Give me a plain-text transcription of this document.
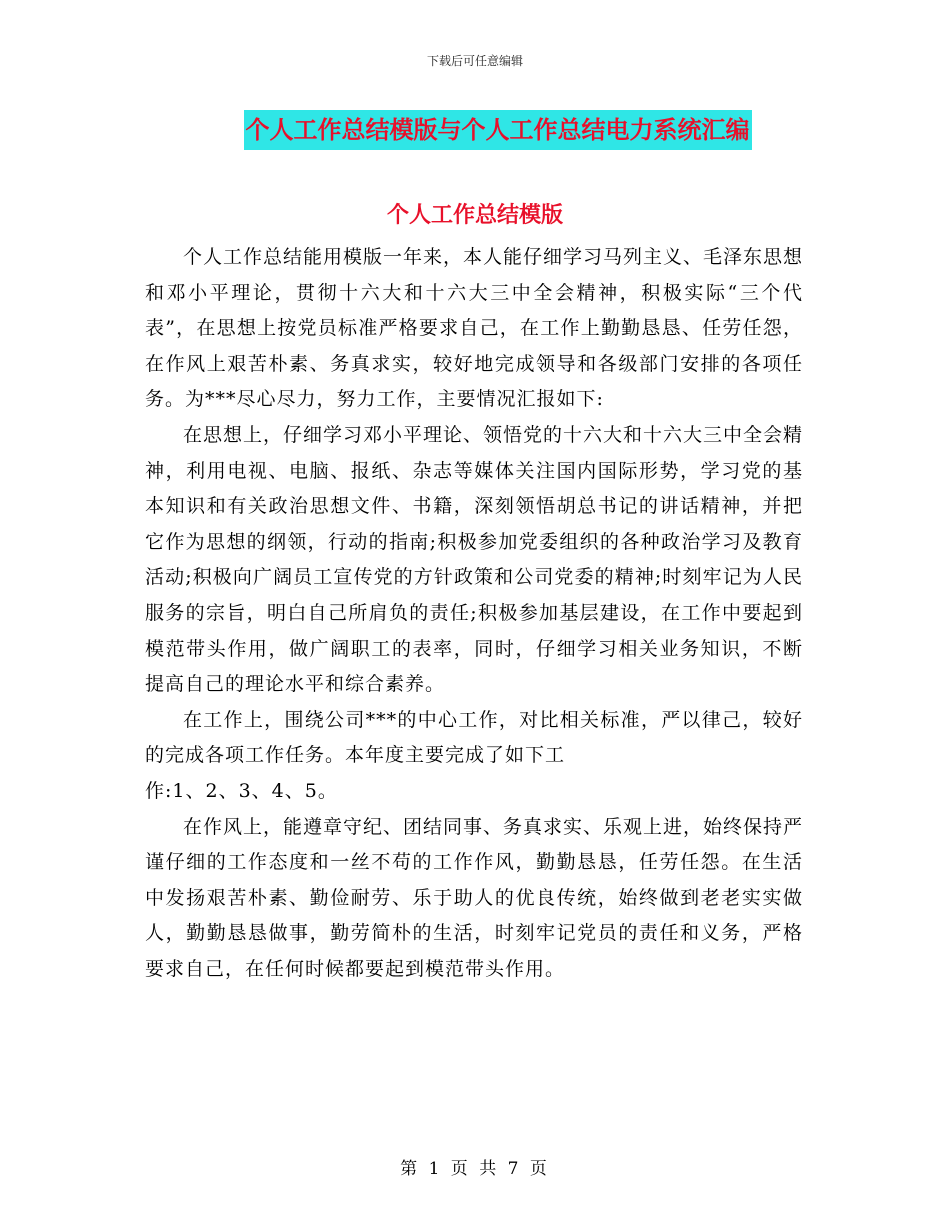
下载后可任意编辑
个人工作总结模版与个人工作总结电力系统汇编
个人工作总结模版

个人工作总结能用模版一年来，本人能仔细学习马列主义、毛泽东思想和邓小平理论，贯彻十六大和十六大三中全会精神，积极实际“三个代表”，在思想上按党员标准严格要求自己，在工作上勤勤恳恳、任劳任怨，在作风上艰苦朴素、务真求实，较好地完成领导和各级部门安排的各项任务。为***尽心尽力，努力工作，主要情况汇报如下:

在思想上，仔细学习邓小平理论、领悟党的十六大和十六大三中全会精神，利用电视、电脑、报纸、杂志等媒体关注国内国际形势，学习党的基本知识和有关政治思想文件、书籍，深刻领悟胡总书记的讲话精神，并把它作为思想的纲领，行动的指南;积极参加党委组织的各种政治学习及教育活动;积极向广阔员工宣传党的方针政策和公司党委的精神;时刻牢记为人民服务的宗旨，明白自己所肩负的责任;积极参加基层建设，在工作中要起到模范带头作用，做广阔职工的表率，同时，仔细学习相关业务知识，不断提高自己的理论水平和综合素养。

在工作上，围绕公司***的中心工作，对比相关标准，严以律己，较好的完成各项工作任务。本年度主要完成了如下工

作:1、2、3、4、5。

在作风上，能遵章守纪、团结同事、务真求实、乐观上进，始终保持严谨仔细的工作态度和一丝不苟的工作作风，勤勤恳恳，任劳任怨。在生活中发扬艰苦朴素、勤俭耐劳、乐于助人的优良传统，始终做到老老实实做人，勤勤恳恳做事，勤劳简朴的生活，时刻牢记党员的责任和义务，严格要求自己，在任何时候都要起到模范带头作用。

第 1 页 共 7 页
